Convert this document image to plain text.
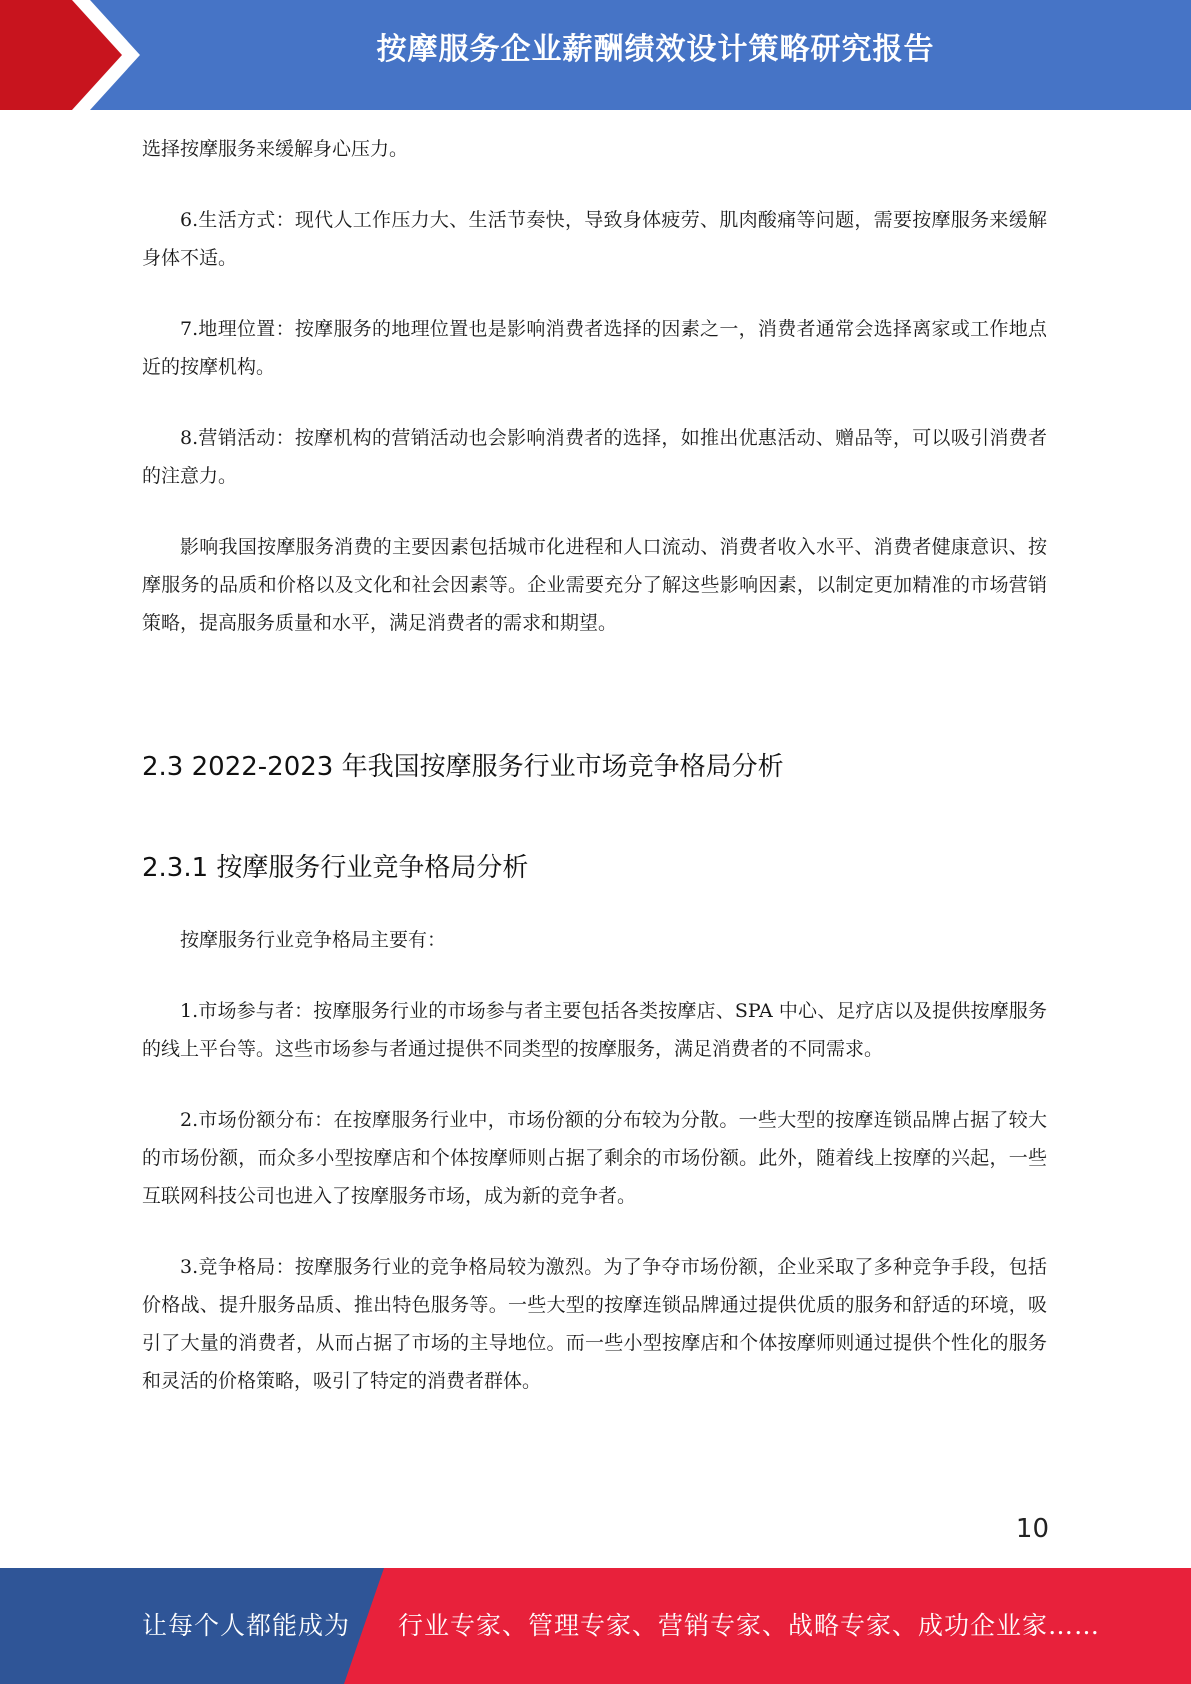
按摩服务企业薪酬绩效设计策略研究报告

选择按摩服务来缓解身心压力。

6.生活方式：现代人工作压力大、生活节奏快，导致身体疲劳、肌肉酸痛等问题，需要按摩服务来缓解身体不适。

7.地理位置：按摩服务的地理位置也是影响消费者选择的因素之一，消费者通常会选择离家或工作地点近的按摩机构。

8.营销活动：按摩机构的营销活动也会影响消费者的选择，如推出优惠活动、赠品等，可以吸引消费者的注意力。

影响我国按摩服务消费的主要因素包括城市化进程和人口流动、消费者收入水平、消费者健康意识、按摩服务的品质和价格以及文化和社会因素等。企业需要充分了解这些影响因素，以制定更加精准的市场营销策略，提高服务质量和水平，满足消费者的需求和期望。

2.3 2022-2023 年我国按摩服务行业市场竞争格局分析
2.3.1 按摩服务行业竞争格局分析

按摩服务行业竞争格局主要有：

1.市场参与者：按摩服务行业的市场参与者主要包括各类按摩店、SPA 中心、足疗店以及提供按摩服务的线上平台等。这些市场参与者通过提供不同类型的按摩服务，满足消费者的不同需求。

2.市场份额分布：在按摩服务行业中，市场份额的分布较为分散。一些大型的按摩连锁品牌占据了较大的市场份额，而众多小型按摩店和个体按摩师则占据了剩余的市场份额。此外，随着线上按摩的兴起，一些互联网科技公司也进入了按摩服务市场，成为新的竞争者。

3.竞争格局：按摩服务行业的竞争格局较为激烈。为了争夺市场份额，企业采取了多种竞争手段，包括价格战、提升服务品质、推出特色服务等。一些大型的按摩连锁品牌通过提供优质的服务和舒适的环境，吸引了大量的消费者，从而占据了市场的主导地位。而一些小型按摩店和个体按摩师则通过提供个性化的服务和灵活的价格策略，吸引了特定的消费者群体。

10
让每个人都能成为 行业专家、管理专家、营销专家、战略专家、成功企业家……
